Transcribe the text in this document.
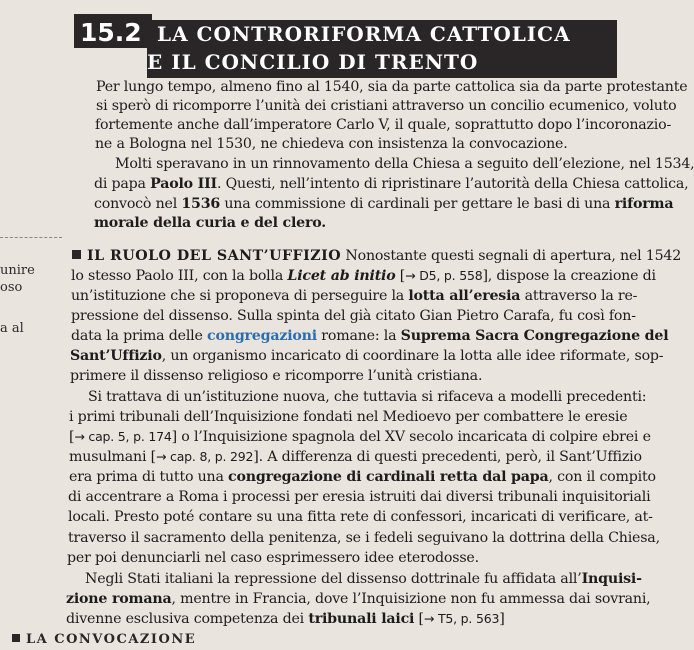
LA CONTRORIFORMA CATTOLICA
E IL CONCILIO DI TRENTO
15.2
unire
oso
a al
Per lungo tempo, almeno fino al 1540, sia da parte cattolica sia da parte protestante
si sperò di ricomporre l’unità dei cristiani attraverso un concilio ecumenico, voluto
fortemente anche dall’imperatore Carlo V, il quale, soprattutto dopo l’incoronazio-
ne a Bologna nel 1530, ne chiedeva con insistenza la convocazione.
Molti speravano in un rinnovamento della Chiesa a seguito dell’elezione, nel 1534,
di papa Paolo III. Questi, nell’intento di ripristinare l’autorità della Chiesa cattolica,
convocò nel 1536 una commissione di cardinali per gettare le basi di una riforma
morale della curia e del clero.
IL RUOLO DEL SANT’UFFIZIO Nonostante questi segnali di apertura, nel 1542
lo stesso Paolo III, con la bolla Licet ab initio [→ D5, p. 558], dispose la creazione di
un’istituzione che si proponeva di perseguire la lotta all’eresia attraverso la re-
pressione del dissenso. Sulla spinta del già citato Gian Pietro Carafa, fu così fon-
data la prima delle congregazioni romane: la Suprema Sacra Congregazione del
Sant’Uffizio, un organismo incaricato di coordinare la lotta alle idee riformate, sop-
primere il dissenso religioso e ricomporre l’unità cristiana.
Si trattava di un’istituzione nuova, che tuttavia si rifaceva a modelli precedenti:
i primi tribunali dell’Inquisizione fondati nel Medioevo per combattere le eresie
[→ cap. 5, p. 174] o l’Inquisizione spagnola del XV secolo incaricata di colpire ebrei e
musulmani [→ cap. 8, p. 292]. A differenza di questi precedenti, però, il Sant’Uffizio
era prima di tutto una congregazione di cardinali retta dal papa, con il compito
di accentrare a Roma i processi per eresia istruiti dai diversi tribunali inquisitoriali
locali. Presto poté contare su una fitta rete di confessori, incaricati di verificare, at-
traverso il sacramento della penitenza, se i fedeli seguivano la dottrina della Chiesa,
per poi denunciarli nel caso esprimessero idee eterodosse.
Negli Stati italiani la repressione del dissenso dottrinale fu affidata all’Inquisi-
zione romana, mentre in Francia, dove l’Inquisizione non fu ammessa dai sovrani,
divenne esclusiva competenza dei tribunali laici [→ T5, p. 563]
LA CONVOCAZIONE
